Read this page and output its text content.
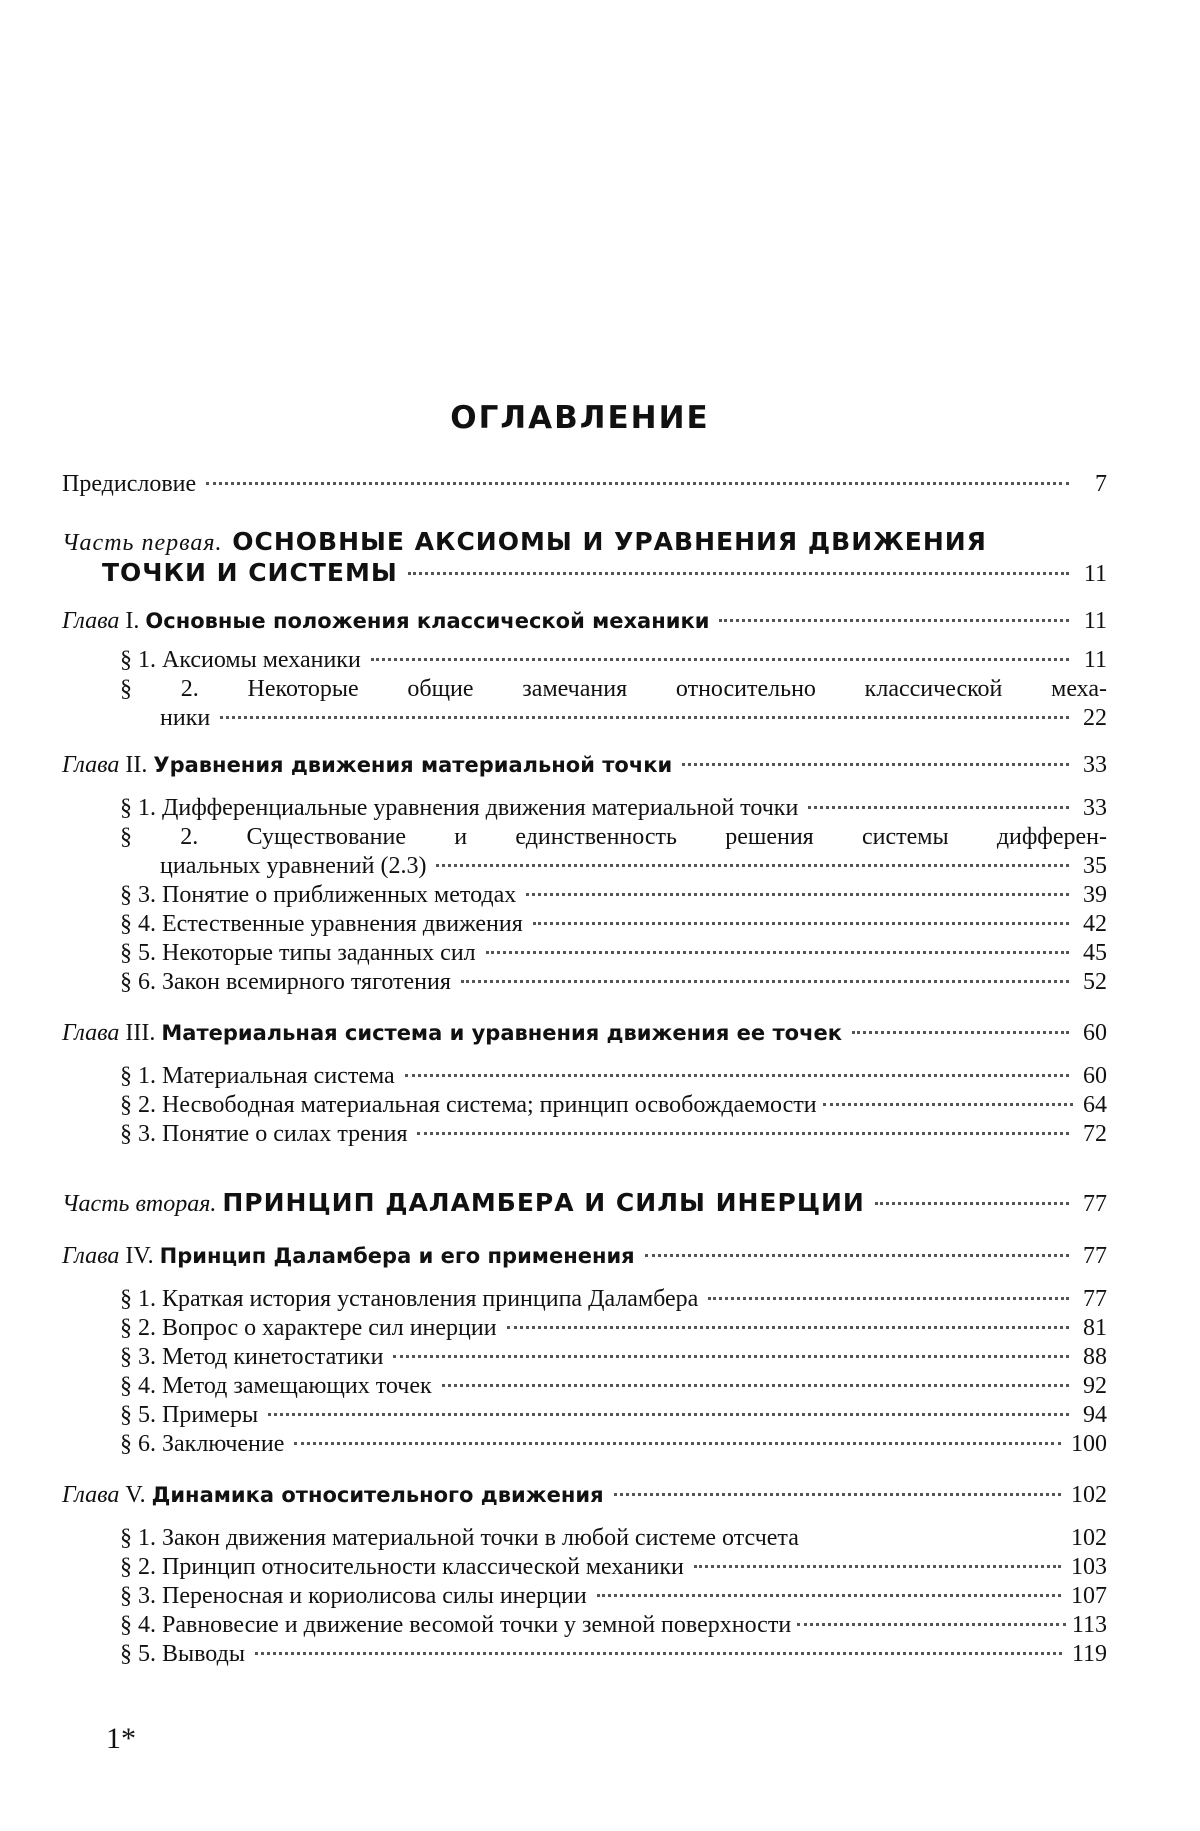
ОГЛАВЛЕНИЕ
Предисловие	7
Часть первая. ОСНОВНЫЕ АКСИОМЫ И УРАВНЕНИЯ ДВИЖЕНИЯ
ТОЧКИ И СИСТЕМЫ	11
Глава I. Основные положения классической механики	11
§ 1. Аксиомы механики	11
§ 2. Некоторые общие замечания относительно классической меха-
ники	22
Глава II. Уравнения движения материальной точки	33
§ 1. Дифференциальные уравнения движения материальной точки	33
§ 2. Существование и единственность решения системы дифферен-
циальных уравнений (2.3)	35
§ 3. Понятие о приближенных методах	39
§ 4. Естественные уравнения движения	42
§ 5. Некоторые типы заданных сил	45
§ 6. Закон всемирного тяготения	52
Глава III. Материальная система и уравнения движения ее точек	60
§ 1. Материальная система	60
§ 2. Несвободная материальная система; принцип освобождаемости	64
§ 3. Понятие о силах трения	72
Часть вторая. ПРИНЦИП ДАЛАМБЕРА И СИЛЫ ИНЕРЦИИ	77
Глава IV. Принцип Даламбера и его применения	77
§ 1. Краткая история установления принципа Даламбера	77
§ 2. Вопрос о характере сил инерции	81
§ 3. Метод кинетостатики	88
§ 4. Метод замещающих точек	92
§ 5. Примеры	94
§ 6. Заключение	100
Глава V. Динамика относительного движения	102
§ 1. Закон движения материальной точки в любой системе отсчета	102
§ 2. Принцип относительности классической механики	103
§ 3. Переносная и кориолисова силы инерции	107
§ 4. Равновесие и движение весомой точки у земной поверхности	113
§ 5. Выводы	119
1*
